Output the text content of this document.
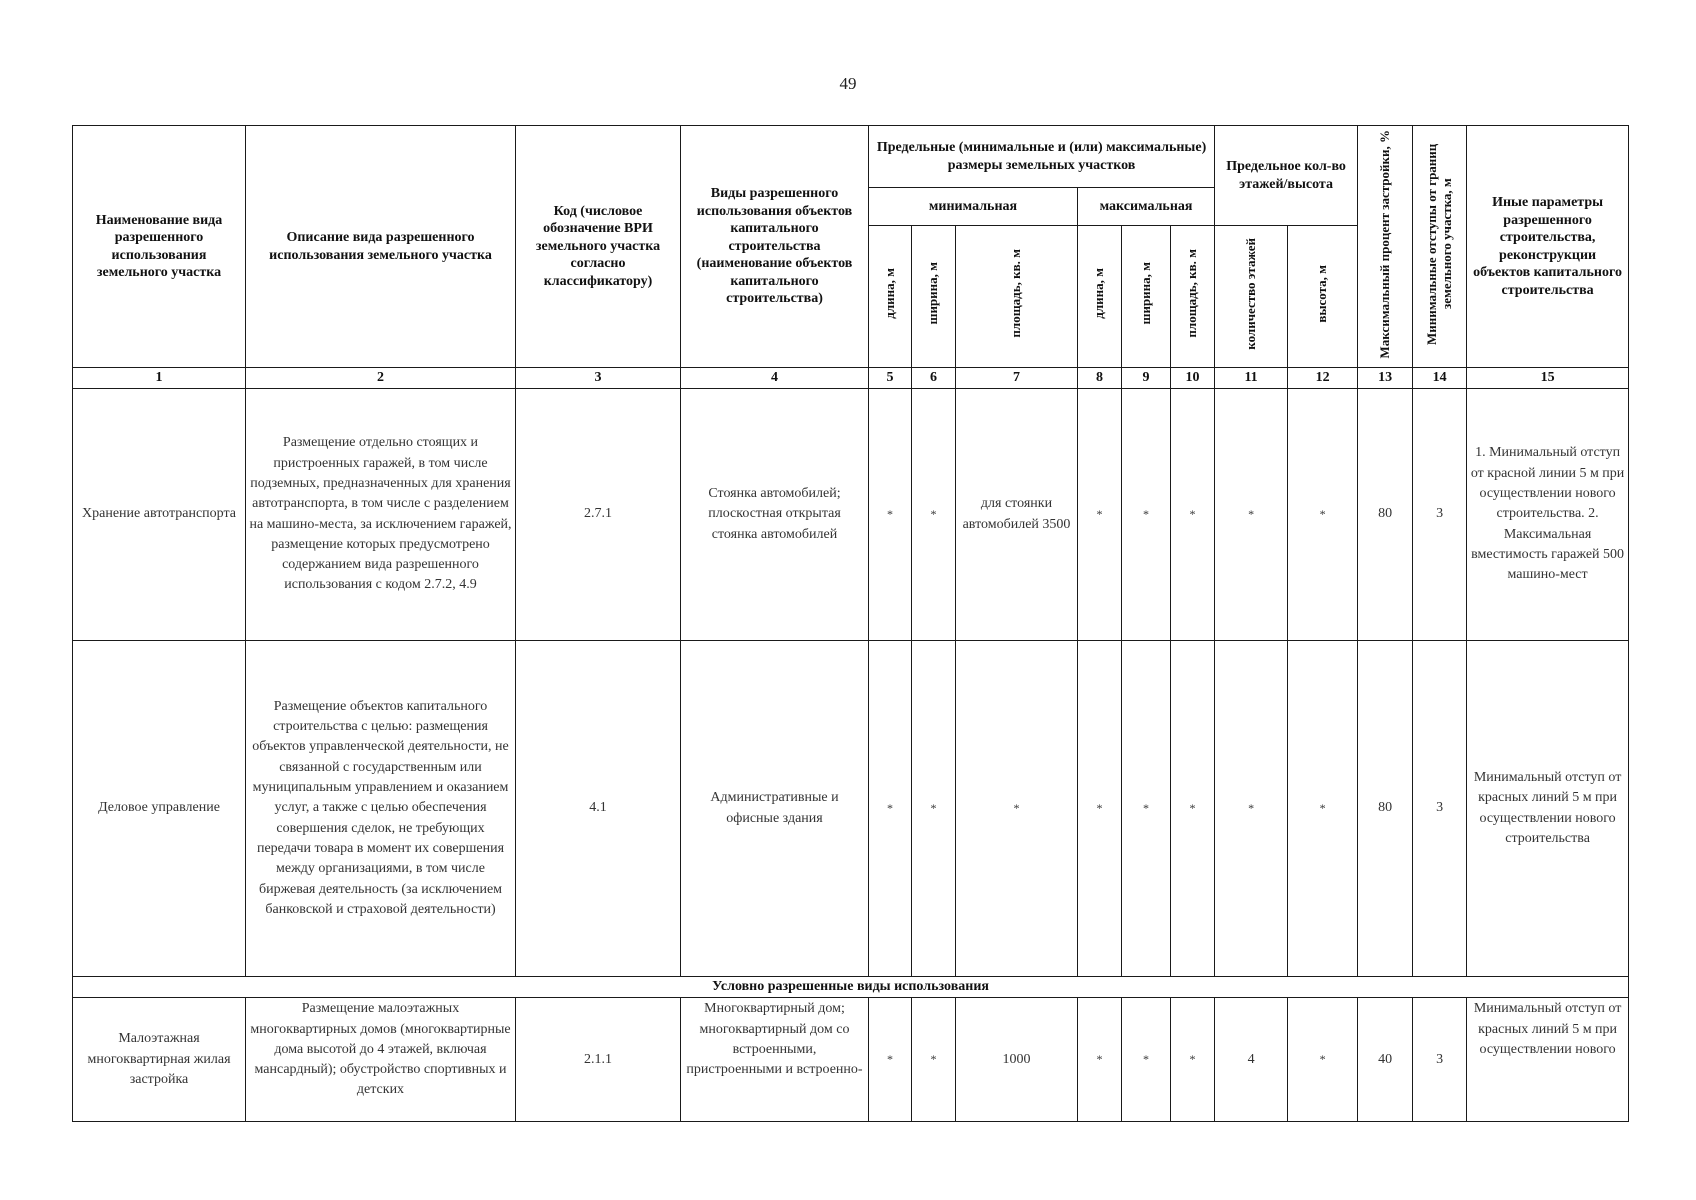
49
Наименование вида разрешенного использования земельного участка	Описание вида разрешенного использования земельного участка	Код (числовое обозначение ВРИ земельного участка согласно классификатору)	Виды разрешенного использования объектов капитального строительства (наименование объектов капитального строительства)	Предельные (минимальные и (или) максимальные) размеры земельных участков						Предельное кол-во этажей/высота		Максимальный процент застройки, %	Минимальные отступы от границ земельного участка, м	Иные параметры разрешенного строительства, реконструкции объектов капитального строительства
				минимальная			максимальная							
				длина, м	ширина, м	площадь, кв. м	длина, м	ширина, м	площадь, кв. м	количество этажей	высота, м			
1	2	3	4	5	6	7	8	9	10	11	12	13	14	15
Хранение автотранспорта	Размещение отдельно стоящих и пристроенных гаражей, в том числе подземных, предназначенных для хранения автотранспорта, в том числе с разделением на машино-места, за исключением гаражей, размещение которых предусмотрено содержанием вида разрешенного использования с кодом 2.7.2, 4.9	2.7.1	Стоянка автомобилей; плоскостная открытая стоянка автомобилей	*	*	для стоянки автомобилей 3500	*	*	*	*	*	80	3	1. Минимальный отступ от красной линии 5 м при осуществлении нового строительства. 2. Максимальная вместимость гаражей 500 машино-мест
Деловое управление	Размещение объектов капитального строительства с целью: размещения объектов управленческой деятельности, не связанной с государственным или муниципальным управлением и оказанием услуг, а также с целью обеспечения совершения сделок, не требующих передачи товара в момент их совершения между организациями, в том числе биржевая деятельность (за исключением банковской и страховой деятельности)	4.1	Административные и офисные здания	*	*	*	*	*	*	*	*	80	3	Минимальный отступ от красных линий 5 м при осуществлении нового строительства
Условно разрешенные виды использования														
Малоэтажная многоквартирная жилая застройка	Размещение малоэтажных многоквартирных домов (многоквартирные дома высотой до 4 этажей, включая мансардный); обустройство спортивных и детских	2.1.1	Многоквартирный дом; многоквартирный дом со встроенными, пристроенными и встроенно-	*	*	1000	*	*	*	4	*	40	3	Минимальный отступ от красных линий 5 м при осуществлении нового
